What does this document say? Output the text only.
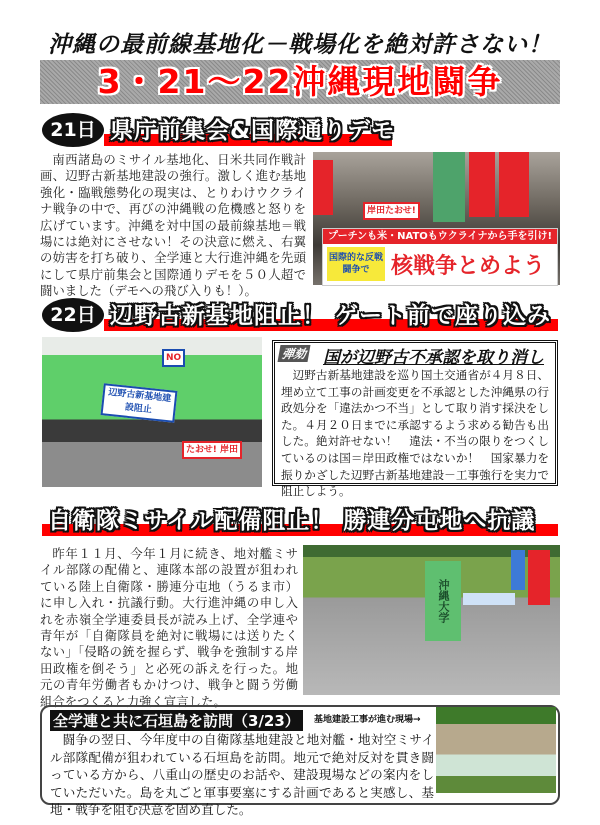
沖縄の最前線基地化－戦場化を絶対許さない！
3・21～22沖縄現地闘争
21日 県庁前集会&国際通りデモ
南西諸島のミサイル基地化、日米共同作戦計画、辺野古新基地建設の強行。激しく進む基地強化・臨戦態勢化の現実は、とりわけウクライナ戦争の中で、再びの沖縄戦の危機感と怒りを広げています。沖縄を対中国の最前線基地＝戦場には絶対にさせない！その決意に燃え、右翼の妨害を打ち破り、全学連と大行進沖縄を先頭にして県庁前集会と国際通りデモを５０人超で闘いました（デモへの飛び入りも！）。
岸田たおせ!
プーチンも米・NATOもウクライナから手を引け!
国際的な反戦闘争で 核戦争とめよう
22日 辺野古新基地阻止！ ゲート前で座り込み
NO
辺野古新基地建設阻止
たおせ! 岸田
弾劾 国が辺野古不承認を取り消し
辺野古新基地建設を巡り国土交通省が４月８日、埋め立て工事の計画変更を不承認とした沖縄県の行政処分を「違法かつ不当」として取り消す採決をした。４月２０日までに承認するよう求める勧告も出した。絶対許せない！　違法・不当の限りをつくしているのは国＝岸田政権ではないか！　国家暴力を振りかざした辺野古新基地建設－工事強行を実力で阻止しよう。
自衛隊ミサイル配備阻止！ 勝連分屯地へ抗議
昨年１１月、今年１月に続き、地対艦ミサイル部隊の配備と、連隊本部の設置が狙われている陸上自衛隊・勝連分屯地（うるま市）に申し入れ・抗議行動。大行進沖縄の申し入れを赤嶺全学連委員長が読み上げ、全学連や青年が「自衛隊員を絶対に戦場には送りたくない」「侵略の銃を握らず、戦争を強制する岸田政権を倒そう」と必死の訴えを行った。地元の青年労働者もかけつけ、戦争と闘う労働組合をつくると力強く宣言した。
沖縄大学
全学連と共に石垣島を訪問（3/23）	基地建設工事が進む現場→
闘争の翌日、今年度中の自衛隊基地建設と地対艦・地対空ミサイル部隊配備が狙われている石垣島を訪問。地元で絶対反対を貫き闘っている方から、八重山の歴史のお話や、建設現場などの案内をしていただいた。島を丸ごと軍事要塞にする計画であると実感し、基地・戦争を阻む決意を固め直した。
